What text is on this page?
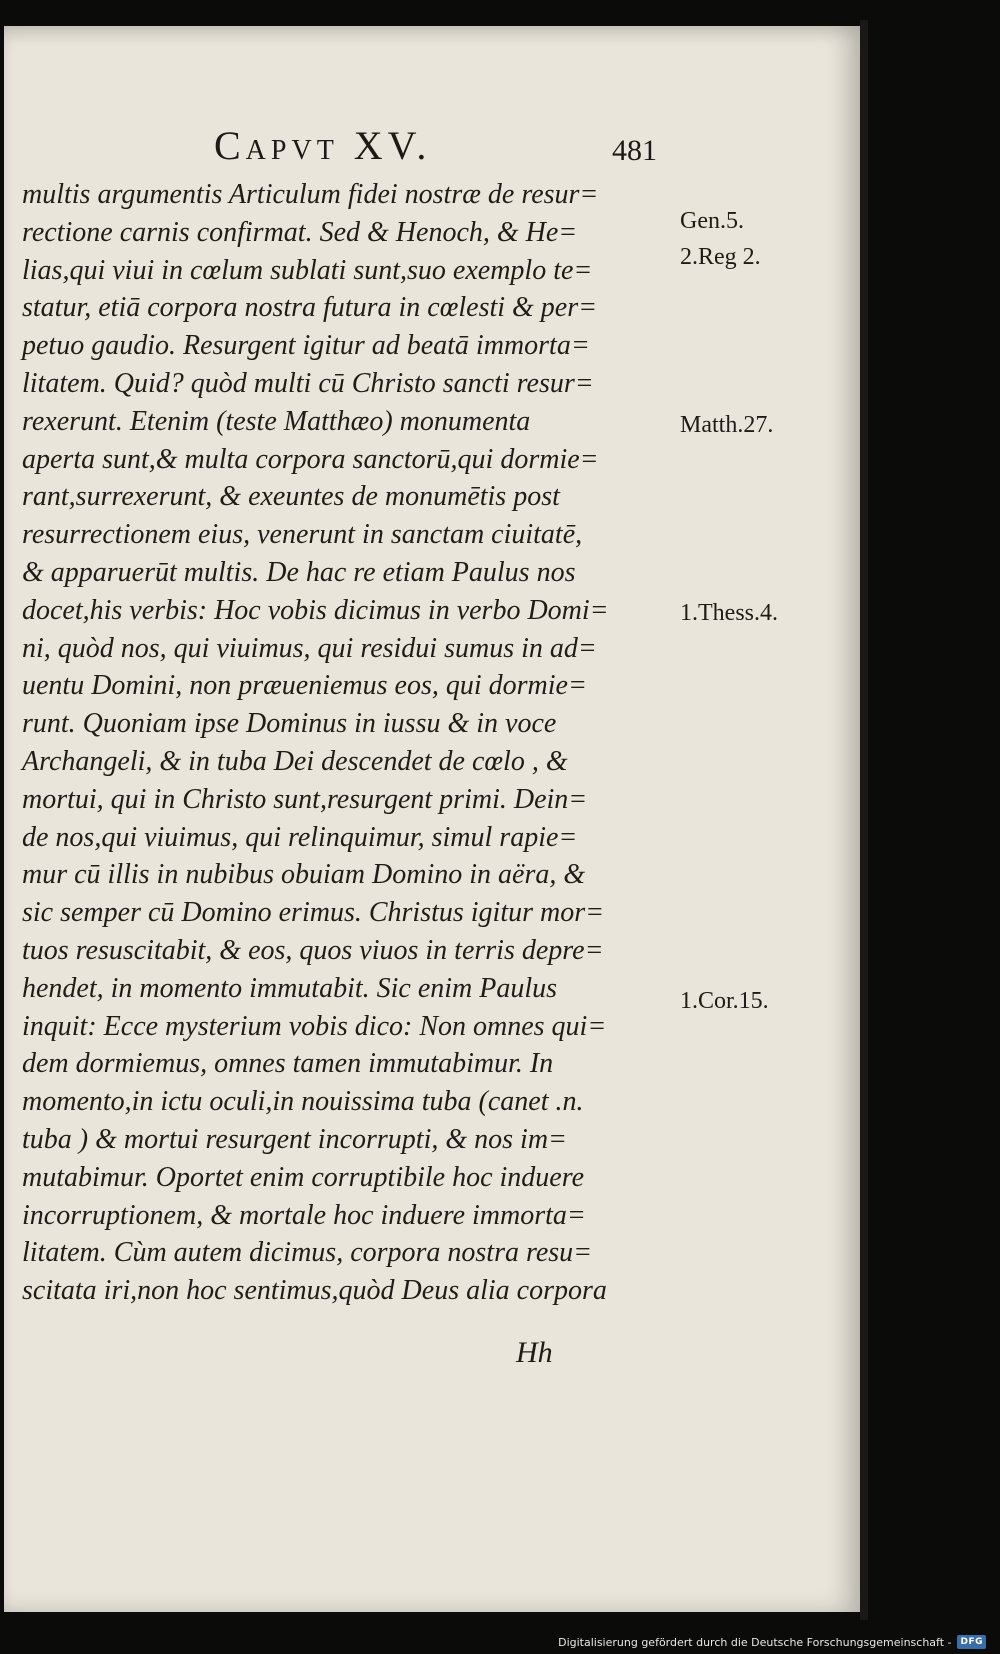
Capvt XV.	481
multis argumentis Articulum fidei nostræ de resur=
rectione carnis confirmat. Sed & Henoch, & He=
lias,qui viui in cœlum sublati sunt,suo exemplo te=
statur, etiā corpora nostra futura in cœlesti & per=
petuo gaudio. Resurgent igitur ad beatā immorta=
litatem. Quid? quòd multi cū Christo sancti resur=
rexerunt. Etenim (teste Matthæo) monumenta
aperta sunt,& multa corpora sanctorū,qui dormie=
rant,surrexerunt, & exeuntes de monumētis post
resurrectionem eius, venerunt in sanctam ciuitatē,
& apparuerūt multis. De hac re etiam Paulus nos
docet,his verbis: Hoc vobis dicimus in verbo Domi=
ni, quòd nos, qui viuimus, qui residui sumus in ad=
uentu Domini, non præueniemus eos, qui dormie=
runt. Quoniam ipse Dominus in iussu & in voce
Archangeli, & in tuba Dei descendet de cœlo , &
mortui, qui in Christo sunt,resurgent primi. Dein=
de nos,qui viuimus, qui relinquimur, simul rapie=
mur cū illis in nubibus obuiam Domino in aëra, &
sic semper cū Domino erimus. Christus igitur mor=
tuos resuscitabit, & eos, quos viuos in terris depre=
hendet, in momento immutabit. Sic enim Paulus
inquit: Ecce mysterium vobis dico: Non omnes qui=
dem dormiemus, omnes tamen immutabimur. In
momento,in ictu oculi,in nouissima tuba (canet .n.
tuba ) & mortui resurgent incorrupti, & nos im=
mutabimur. Oportet enim corruptibile hoc induere
incorruptionem, & mortale hoc induere immorta=
litatem. Cùm autem dicimus, corpora nostra resu=
scitata iri,non hoc sentimus,quòd Deus alia corpora
Gen.5.
2.Reg 2.
Matth.27.
1.Thess.4.
1.Cor.15.
Hh
Digitalisierung gefördert durch die Deutsche Forschungsgemeinschaft -	DFG
